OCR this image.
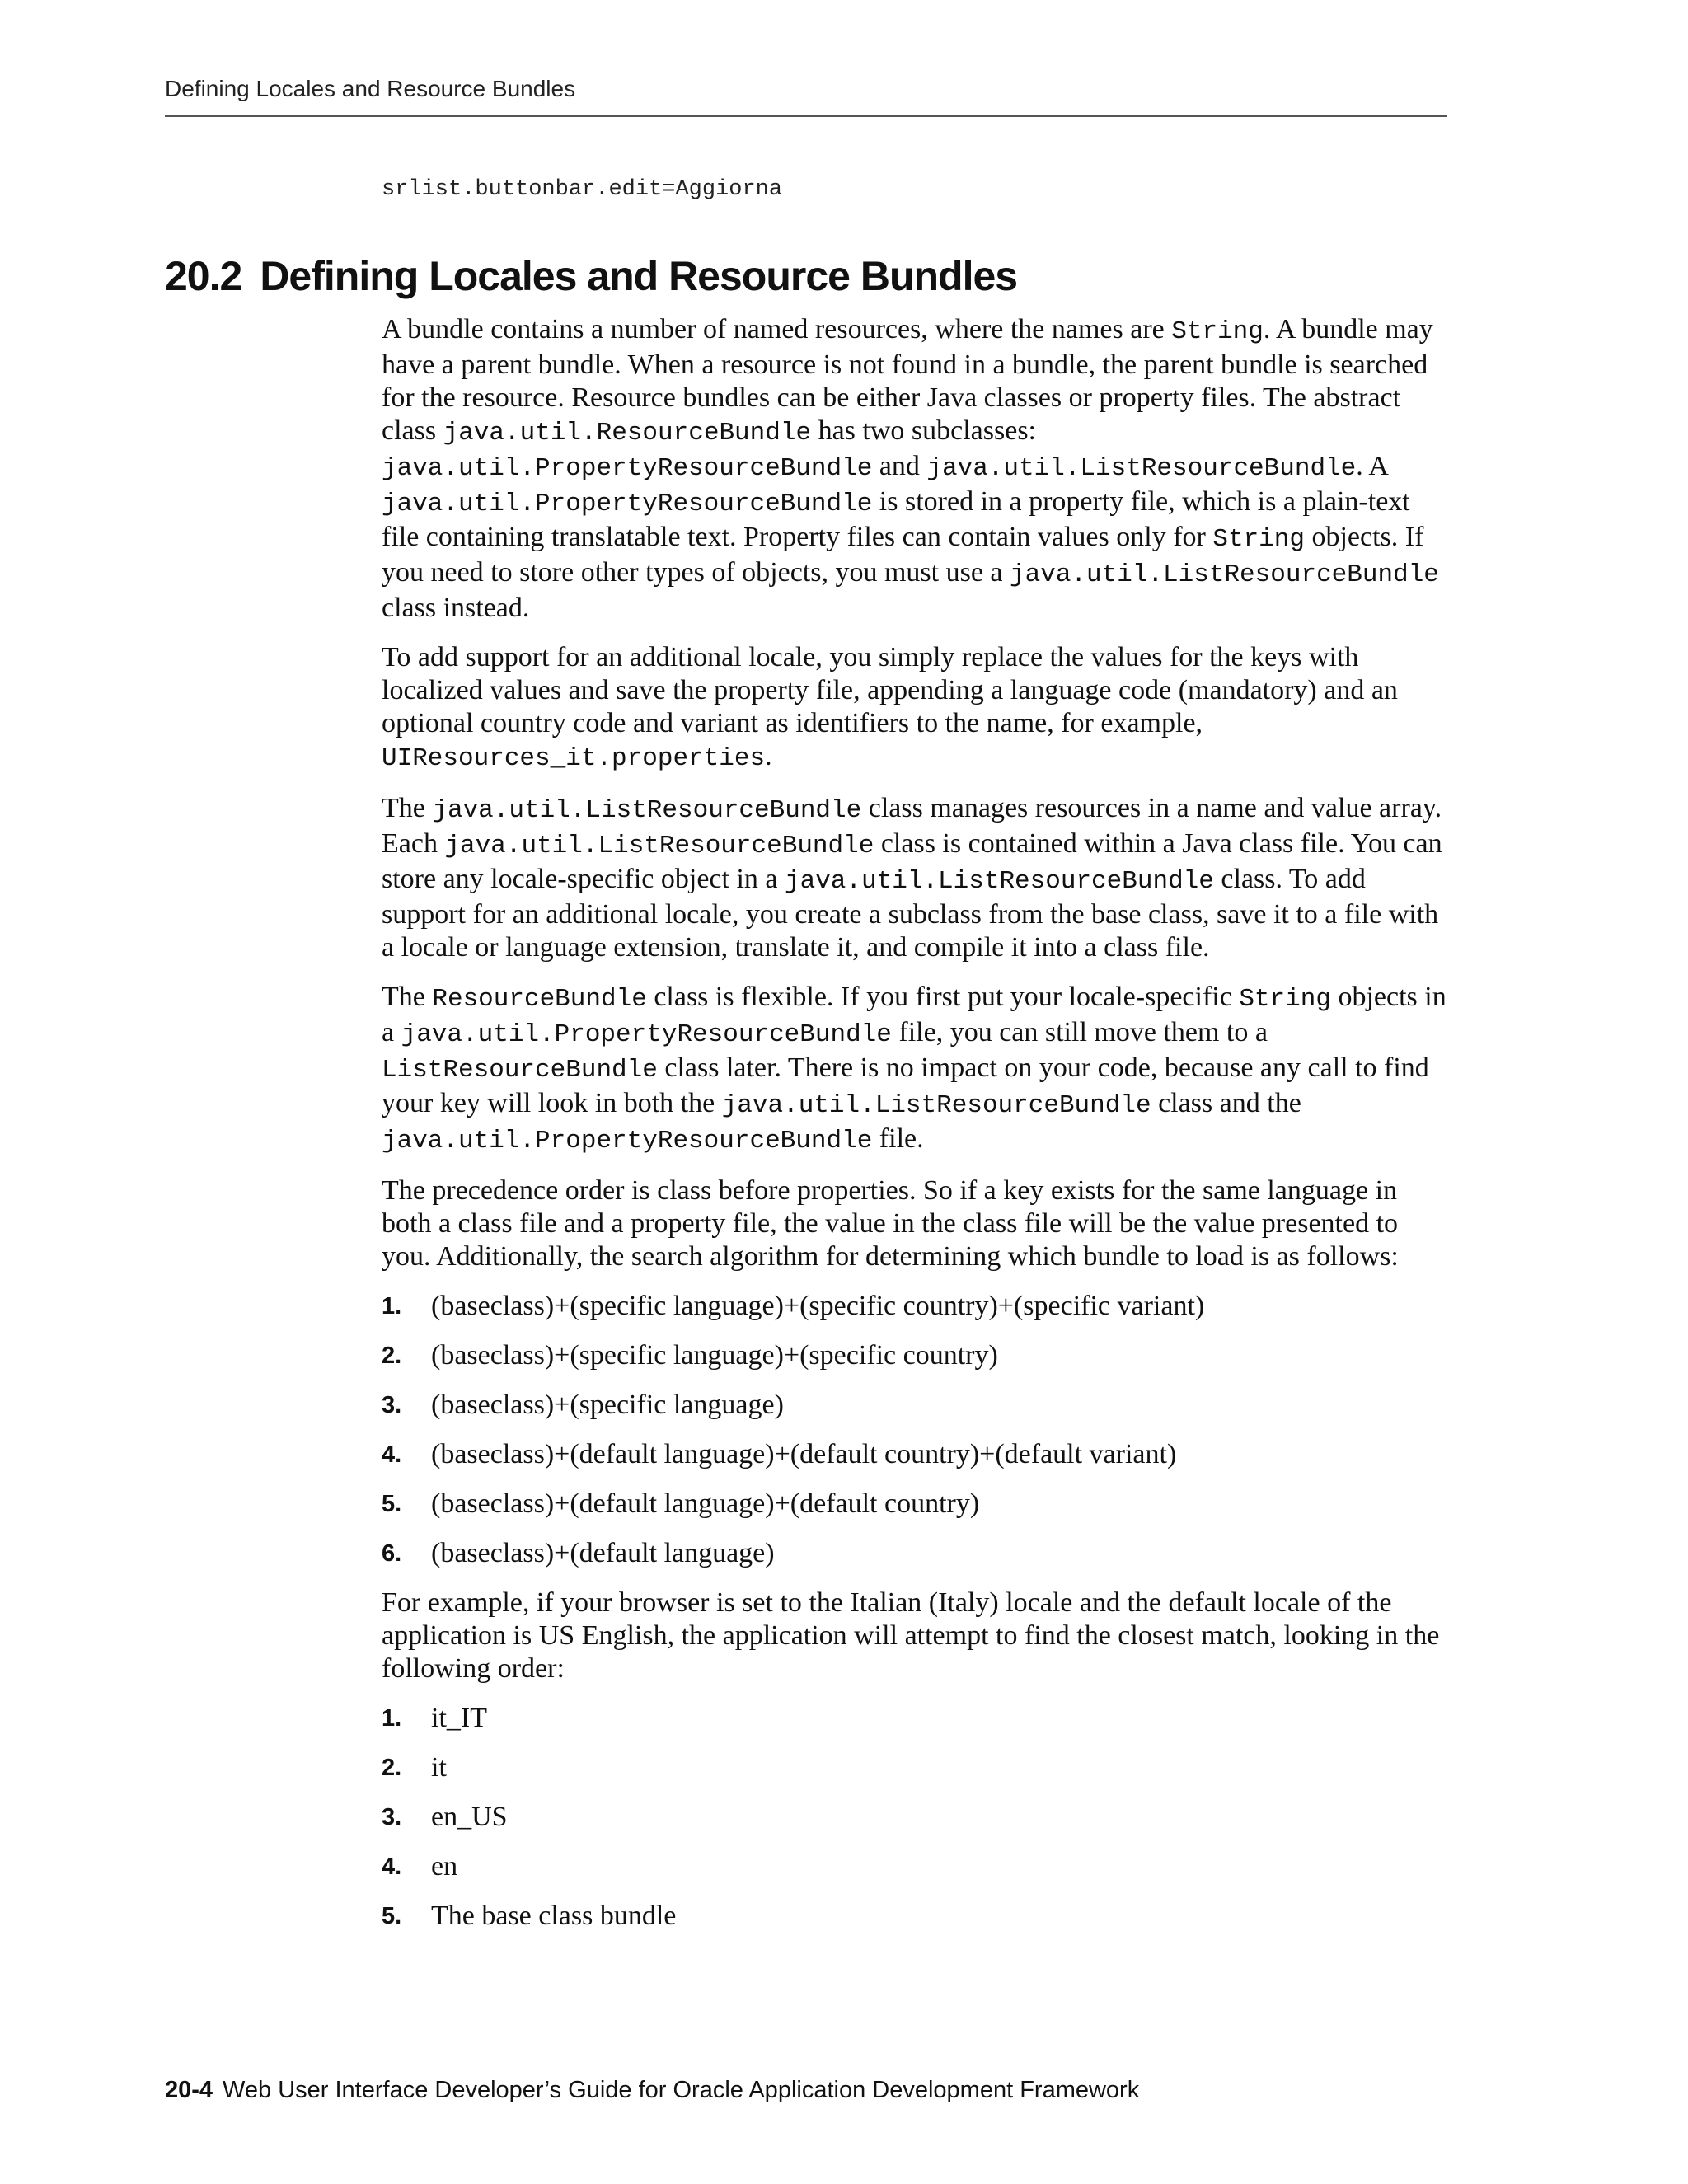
Defining Locales and Resource Bundles
srlist.buttonbar.edit=Aggiorna
20.2 Defining Locales and Resource Bundles

A bundle contains a number of named resources, where the names are String. A bundle may have a parent bundle. When a resource is not found in a bundle, the parent bundle is searched for the resource. Resource bundles can be either Java classes or property files. The abstract class java.util.ResourceBundle has two subclasses: java.util.PropertyResourceBundle and java.util.ListResourceBundle. A java.util.PropertyResourceBundle is stored in a property file, which is a plain-text file containing translatable text. Property files can contain values only for String objects. If you need to store other types of objects, you must use a java.util.ListResourceBundle class instead.

To add support for an additional locale, you simply replace the values for the keys with localized values and save the property file, appending a language code (mandatory) and an optional country code and variant as identifiers to the name, for example, UIResources_it.properties.

The java.util.ListResourceBundle class manages resources in a name and value array. Each java.util.ListResourceBundle class is contained within a Java class file. You can store any locale-specific object in a java.util.ListResourceBundle class. To add support for an additional locale, you create a subclass from the base class, save it to a file with a locale or language extension, translate it, and compile it into a class file.

The ResourceBundle class is flexible. If you first put your locale-specific String objects in a java.util.PropertyResourceBundle file, you can still move them to a ListResourceBundle class later. There is no impact on your code, because any call to find your key will look in both the java.util.ListResourceBundle class and the java.util.PropertyResourceBundle file.

The precedence order is class before properties. So if a key exists for the same language in both a class file and a property file, the value in the class file will be the value presented to you. Additionally, the search algorithm for determining which bundle to load is as follows:

1.	(baseclass)+(specific language)+(specific country)+(specific variant)
2.	(baseclass)+(specific language)+(specific country)
3.	(baseclass)+(specific language)
4.	(baseclass)+(default language)+(default country)+(default variant)
5.	(baseclass)+(default language)+(default country)
6.	(baseclass)+(default language)

For example, if your browser is set to the Italian (Italy) locale and the default locale of the application is US English, the application will attempt to find the closest match, looking in the following order:

1.	it_IT
2.	it
3.	en_US
4.	en
5.	The base class bundle
20-4 Web User Interface Developer’s Guide for Oracle Application Development Framework
